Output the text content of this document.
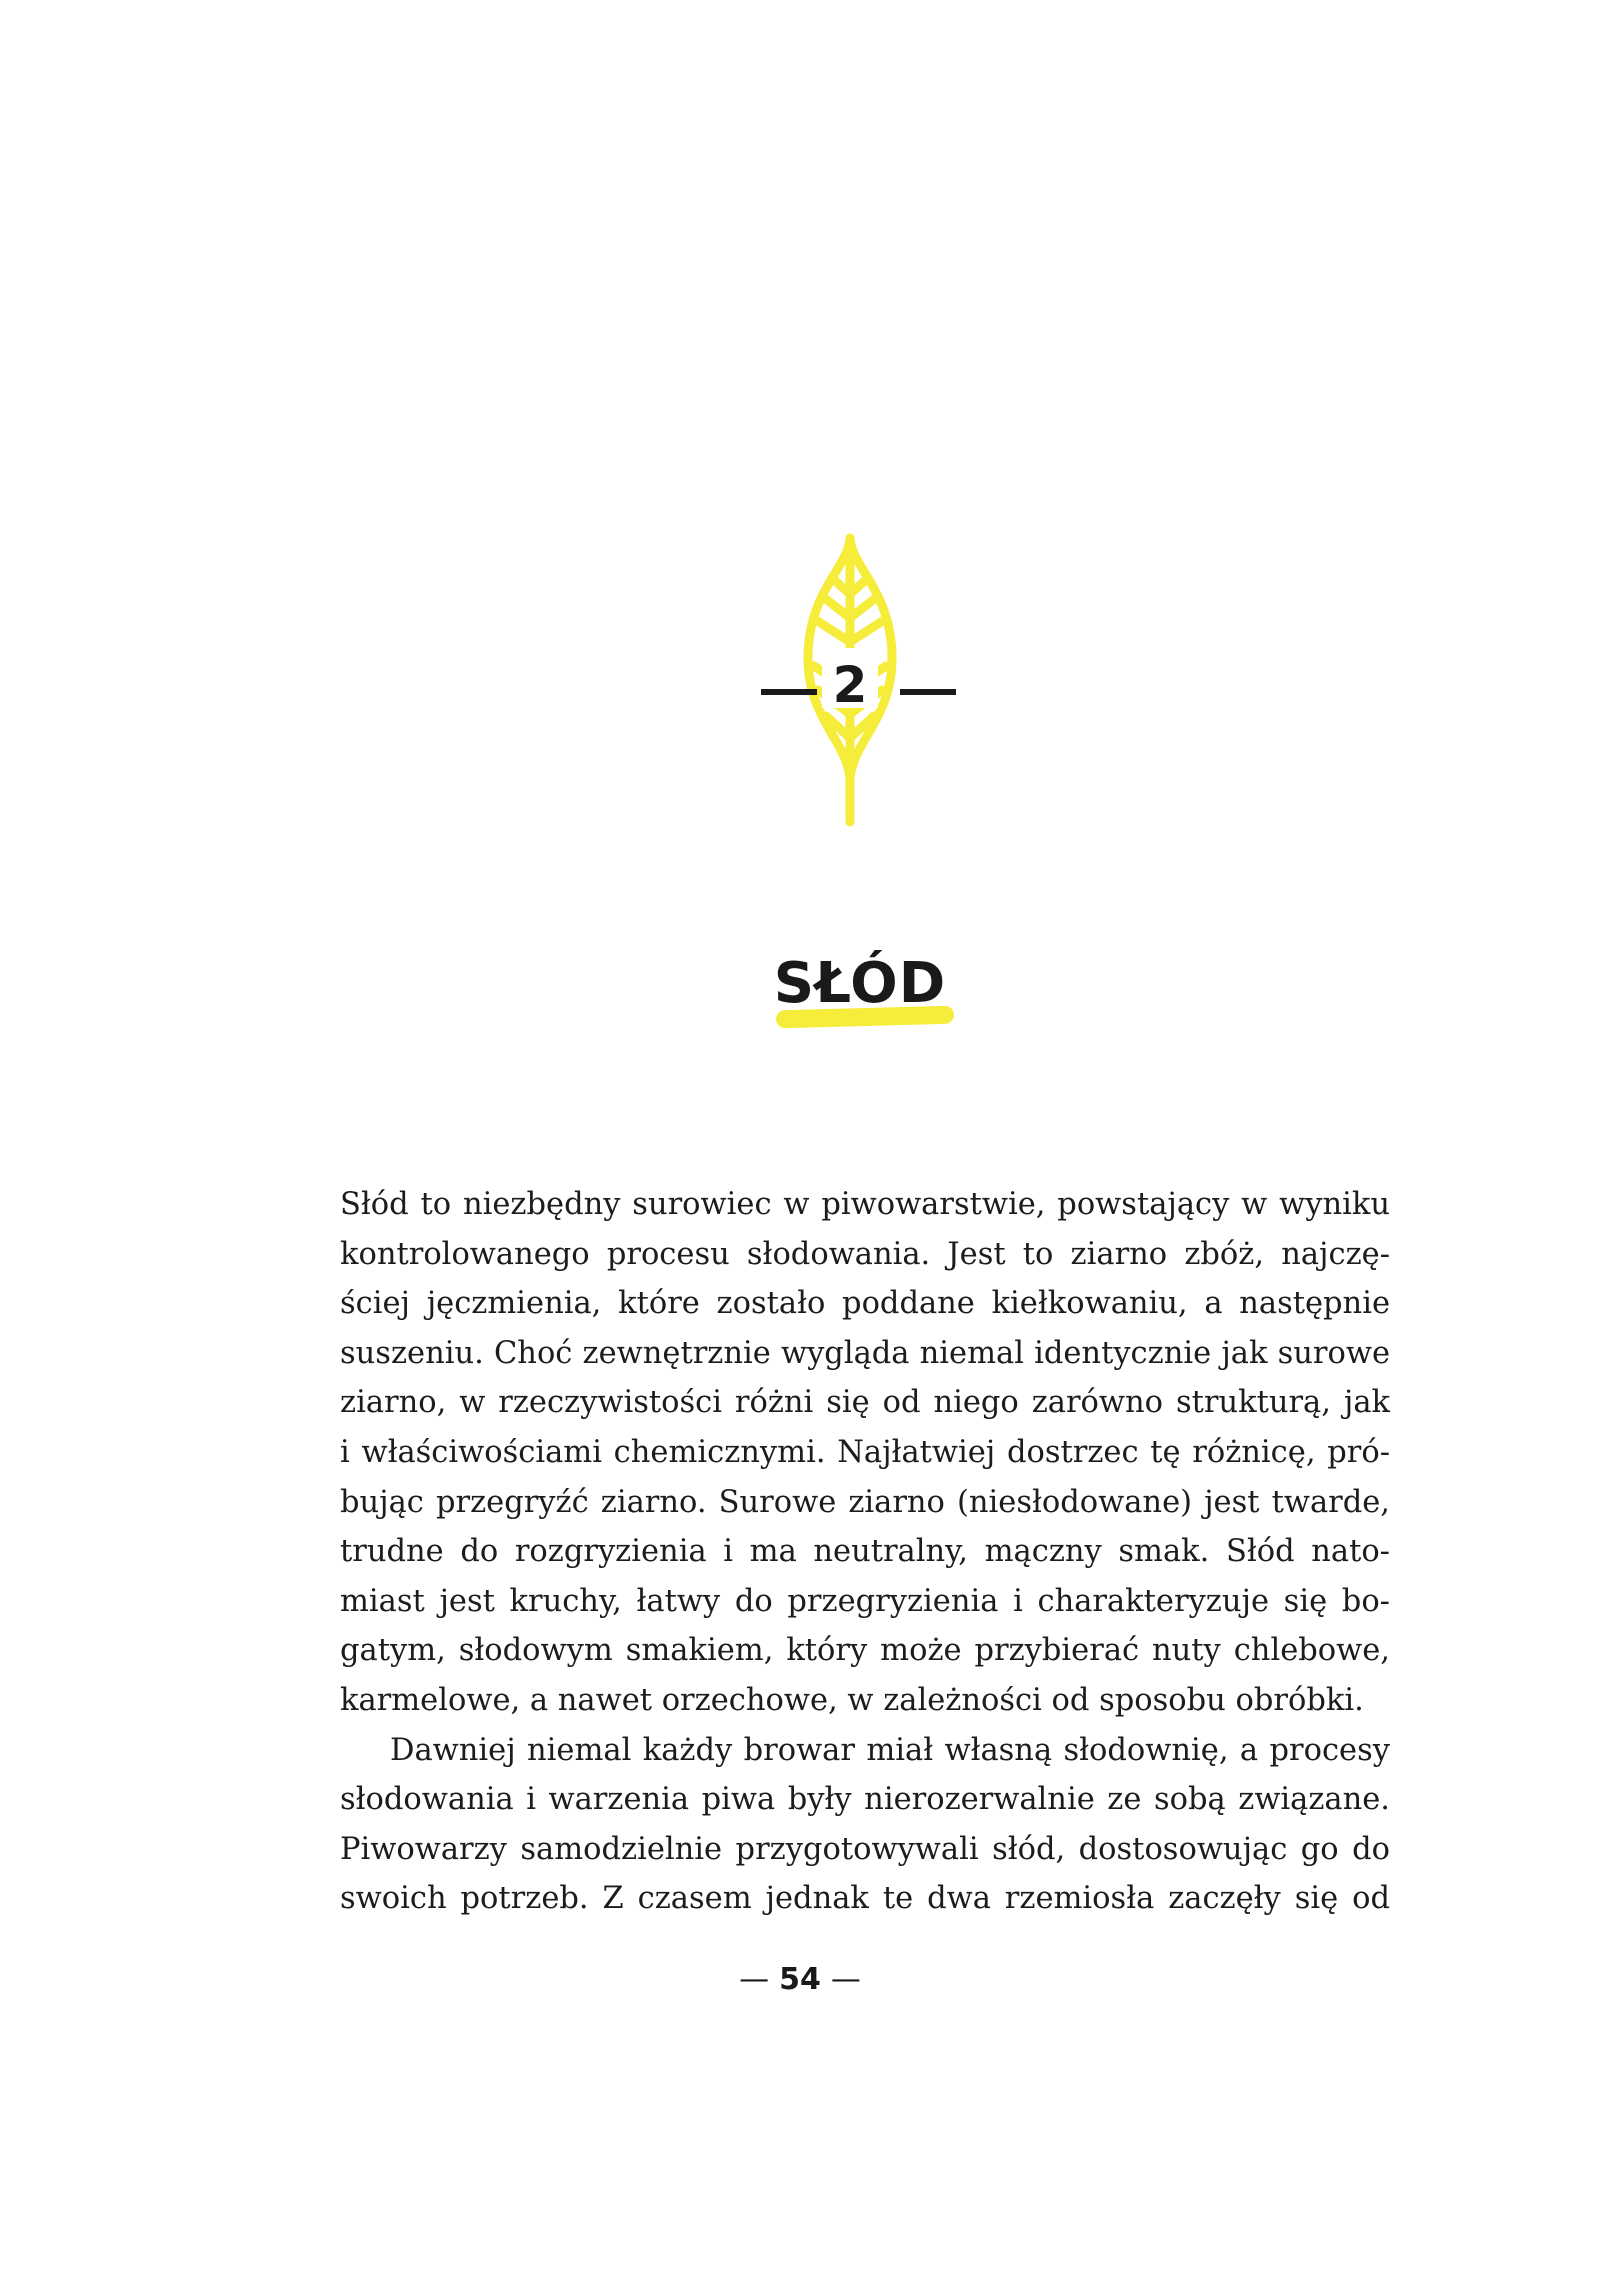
2
SŁÓD
Słód to niezbędny surowiec w piwowarstwie, powstający w wyniku
kontrolowanego procesu słodowania. Jest to ziarno zbóż, najczę-
ściej jęczmienia, które zostało poddane kiełkowaniu, a następnie
suszeniu. Choć zewnętrznie wygląda niemal identycznie jak surowe
ziarno, w rzeczywistości różni się od niego zarówno strukturą, jak
i właściwościami chemicznymi. Najłatwiej dostrzec tę różnicę, pró-
bując przegryźć ziarno. Surowe ziarno (niesłodowane) jest twarde,
trudne do rozgryzienia i ma neutralny, mączny smak. Słód nato-
miast jest kruchy, łatwy do przegryzienia i charakteryzuje się bo-
gatym, słodowym smakiem, który może przybierać nuty chlebowe,
karmelowe, a nawet orzechowe, w zależności od sposobu obróbki.
Dawniej niemal każdy browar miał własną słodownię, a procesy
słodowania i warzenia piwa były nierozerwalnie ze sobą związane.
Piwowarzy samodzielnie przygotowywali słód, dostosowując go do
swoich potrzeb. Z czasem jednak te dwa rzemiosła zaczęły się od
— 54 —
